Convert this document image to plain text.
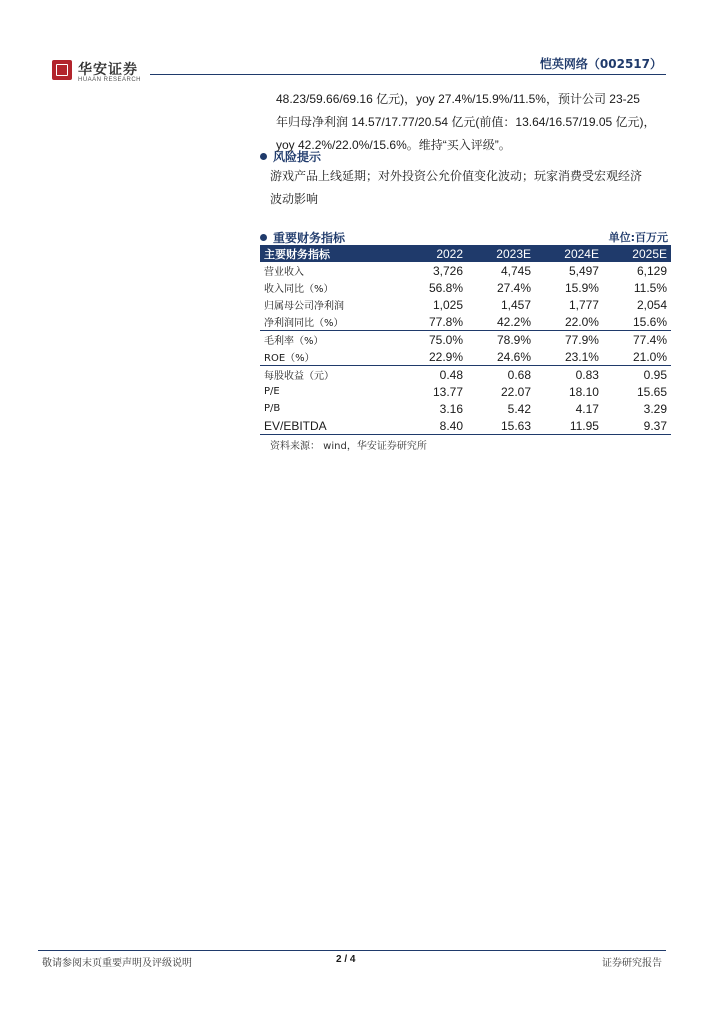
华安证券
HUAAN RESEARCH
恺英网络（002517）
48.23/59.66/69.16 亿元)，yoy 27.4%/15.9%/11.5%，预计公司 23-25
年归母净利润 14.57/17.77/20.54 亿元(前值：13.64/16.57/19.05 亿元)，
yoy 42.2%/22.0%/15.6%。维持“买入评级”。
风险提示
游戏产品上线延期；对外投资公允价值变化波动；玩家消费受宏观经济
波动影响
重要财务指标	单位:百万元
主要财务指标	2022	2023E	2024E	2025E
营业收入	3,726	4,745	5,497	6,129
收入同比（%）	56.8%	27.4%	15.9%	11.5%
归属母公司净利润	1,025	1,457	1,777	2,054
净利润同比（%）	77.8%	42.2%	22.0%	15.6%
毛利率（%）	75.0%	78.9%	77.9%	77.4%
ROE（%）	22.9%	24.6%	23.1%	21.0%
每股收益（元）	0.48	0.68	0.83	0.95
P/E	13.77	22.07	18.10	15.65
P/B	3.16	5.42	4.17	3.29
EV/EBITDA	8.40	15.63	11.95	9.37
资料来源： wind，华安证券研究所
敬请参阅末页重要声明及评级说明	2 / 4	证券研究报告
